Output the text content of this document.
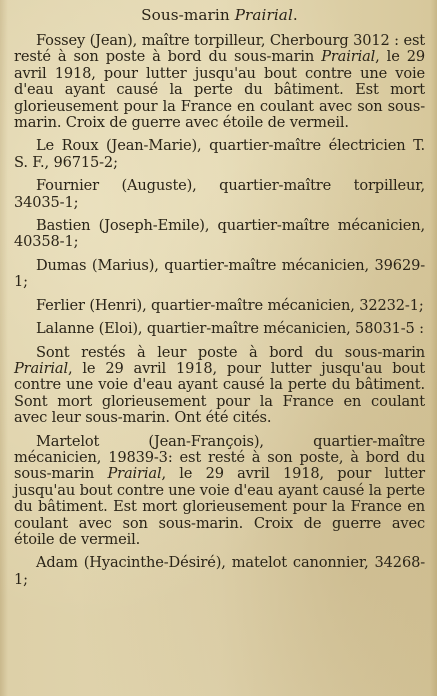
Sous-marin Prairial.

Fossey (Jean), maître torpilleur, Cherbourg 3012 : est resté à son poste à bord du sous-marin Prairial, le 29 avril 1918, pour lutter jusqu'au bout contre une voie d'eau ayant causé la perte du bâtiment. Est mort glorieusement pour la France en coulant avec son sous-marin. Croix de guerre avec étoile de vermeil.

Le Roux (Jean-Marie), quartier-maître électricien T. S. F., 96715-2;

Fournier (Auguste), quartier-maître torpilleur, 34035-1;

Bastien (Joseph-Emile), quartier-maître mécanicien, 40358-1;

Dumas (Marius), quartier-maître mécanicien, 39629-1;

Ferlier (Henri), quartier-maître mécanicien, 32232-1;

Lalanne (Eloi), quartier-maître mécanicien, 58031-5 :

Sont restés à leur poste à bord du sous-marin Prairial, le 29 avril 1918, pour lutter jusqu'au bout contre une voie d'eau ayant causé la perte du bâtiment. Sont mort glorieusement pour la France en coulant avec leur sous-marin. Ont été cités.

Martelot (Jean-François), quartier-maître mécanicien, 19839-3: est resté à son poste, à bord du sous-marin Prairial, le 29 avril 1918, pour lutter jusqu'au bout contre une voie d'eau ayant causé la perte du bâtiment. Est mort glorieusement pour la France en coulant avec son sous-marin. Croix de guerre avec étoile de vermeil.

Adam (Hyacinthe-Désiré), matelot canonnier, 34268-1;
